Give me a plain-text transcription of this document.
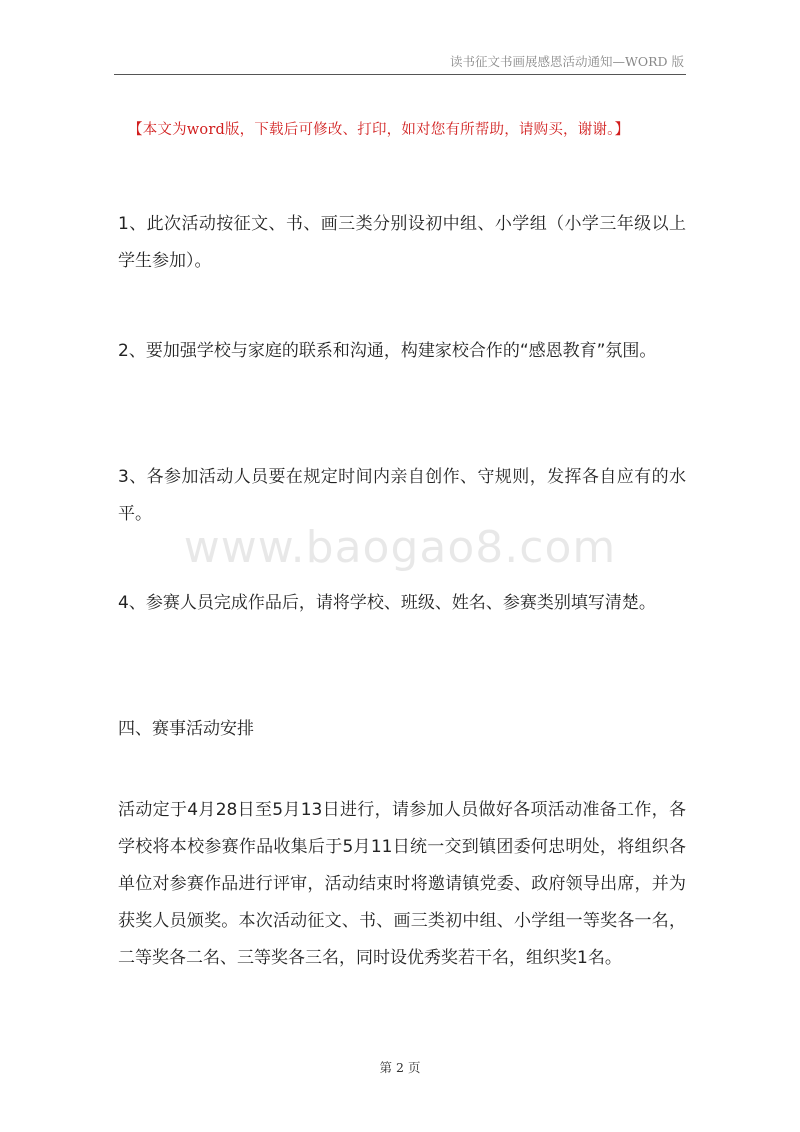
读书征文书画展感恩活动通知—WORD 版
【本文为word版，下载后可修改、打印，如对您有所帮助，请购买，谢谢。】
1、此次活动按征文、书、画三类分别设初中组、小学组（小学三年级以上学生参加）。
2、要加强学校与家庭的联系和沟通，构建家校合作的“感恩教育”氛围。
3、各参加活动人员要在规定时间内亲自创作、守规则，发挥各自应有的水平。
4、参赛人员完成作品后，请将学校、班级、姓名、参赛类别填写清楚。
四、赛事活动安排
活动定于4月28日至5月13日进行，请参加人员做好各项活动准备工作，各学校将本校参赛作品收集后于5月11日统一交到镇团委何忠明处，将组织各单位对参赛作品进行评审，活动结束时将邀请镇党委、政府领导出席，并为获奖人员颁奖。本次活动征文、书、画三类初中组、小学组一等奖各一名，二等奖各二名、三等奖各三名，同时设优秀奖若干名，组织奖1名。
www.baogao8.com
第 2 页
